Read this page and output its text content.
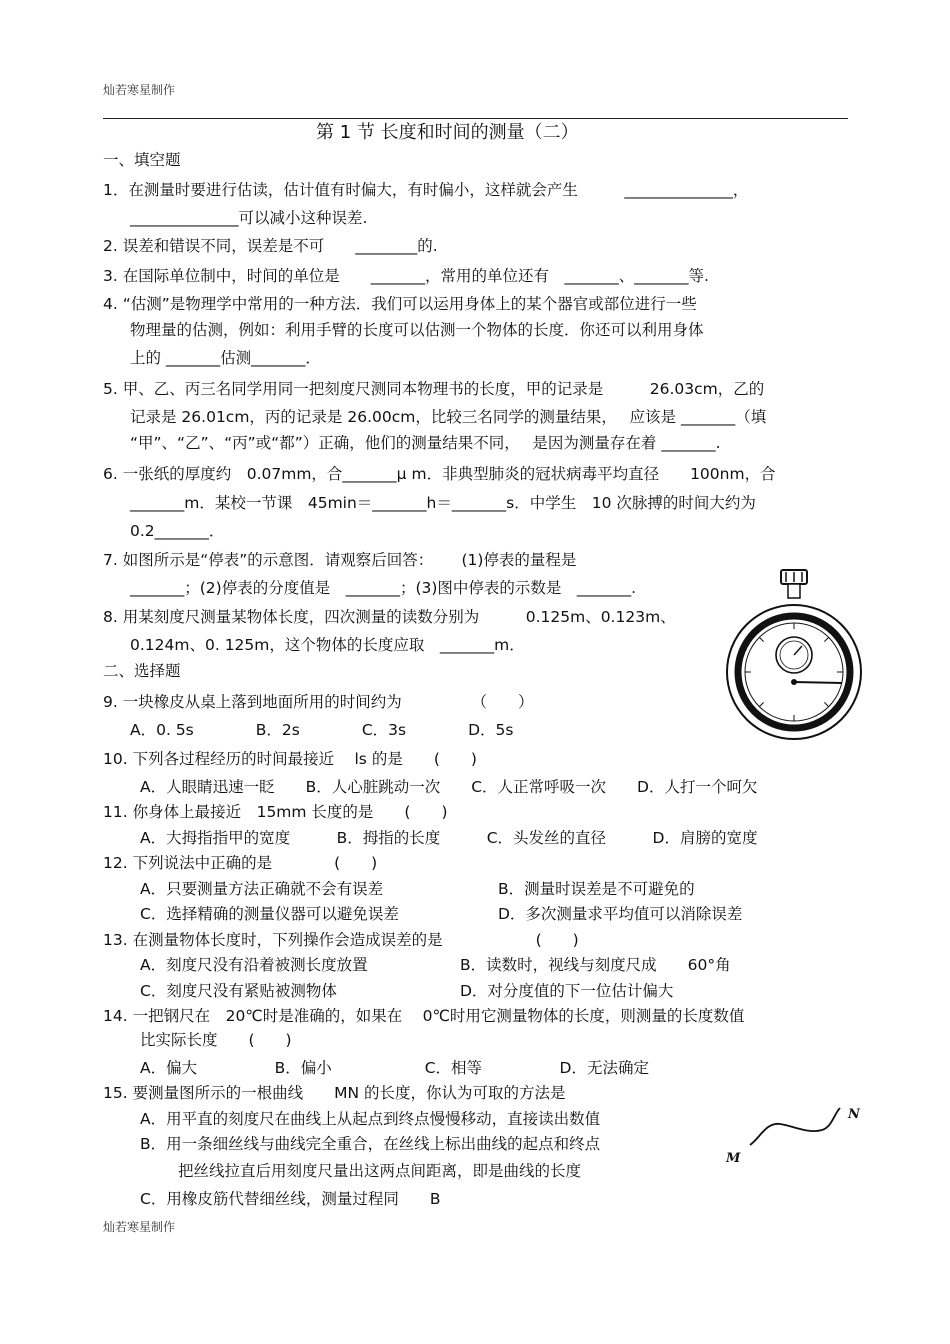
灿若寒星制作
第 1 节 长度和时间的测量（二）
一、填空题
1．在测量时要进行估读，估计值有时偏大，有时偏小，这样就会产生　　　______________，
______________可以减小这种误差.
2. 误差和错误不同，误差是不可　　________的.
3. 在国际单位制中，时间的单位是　　_______，常用的单位还有　_______、_______等.
4. “估测”是物理学中常用的一种方法．我们可以运用身体上的某个器官或部位进行一些
物理量的估测，例如：利用手臂的长度可以估测一个物体的长度．你还可以利用身体
上的 _______估测_______．
5. 甲、乙、丙三名同学用同一把刻度尺测同本物理书的长度，甲的记录是　　　26.03cm，乙的
记录是 26.01cm，丙的记录是 26.00cm，比较三名同学的测量结果，　 应该是 _______（填
“甲”、“乙”、“丙”或“都”）正确，他们的测量结果不同，　 是因为测量存在着 _______.
6. 一张纸的厚度约　0.07mm，合_______μ m．非典型肺炎的冠状病毒平均直径　　100nm，合
_______m．某校一节课　45min＝_______h＝_______s．中学生　10 次脉搏的时间大约为
0.2_______．
7. 如图所示是“停表”的示意图．请观察后回答：　　 (1)停表的量程是
_______；(2)停表的分度值是　_______；(3)图中停表的示数是　_______.
8. 用某刻度尺测量某物体长度，四次测量的读数分别为　　　0.125m、0.123m、
0.124m、0. 125m，这个物体的长度应取　_______m．
二、选择题
9. 一块橡皮从桌上落到地面所用的时间约为　　　　　（　　）
A．0. 5s　　　　B．2s　　　　C．3s　　　　D．5s
10. 下列各过程经历的时间最接近　 ls 的是　　(　　)
A．人眼睛迅速一眨　　B．人心脏跳动一次　　C．人正常呼吸一次　　D．人打一个呵欠
11. 你身体上最接近　15mm 长度的是　　(　　)
A．大拇指指甲的宽度　　　B．拇指的长度　　　C．头发丝的直径　　　D．肩膀的宽度
12. 下列说法中正确的是　　　　(　　)
A．只要测量方法正确就不会有误差	B．测量时误差是不可避免的
C．选择精确的测量仪器可以避免误差	D．多次测量求平均值可以消除误差
13. 在测量物体长度时，下列操作会造成误差的是　　　　　　(　　)
A．刻度尺没有沿着被测长度放置	B．读数时，视线与刻度尺成　　60°角
C．刻度尺没有紧贴被测物体	D．对分度值的下一位估计偏大
14. 一把钢尺在　20℃时是准确的，如果在　 0℃时用它测量物体的长度，则测量的长度数值
比实际长度　　(　　)
A．偏大　　　　　B．偏小　　　　　　C．相等　　　　　D．无法确定
15. 要测量图所示的一根曲线　　MN 的长度，你认为可取的方法是
A．用平直的刻度尺在曲线上从起点到终点慢慢移动，直接读出数值
B．用一条细丝线与曲线完全重合，在丝线上标出曲线的起点和终点
把丝线拉直后用刻度尺量出这两点间距离，即是曲线的长度
C．用橡皮筋代替细丝线，测量过程同　　B
灿若寒星制作
M
N
